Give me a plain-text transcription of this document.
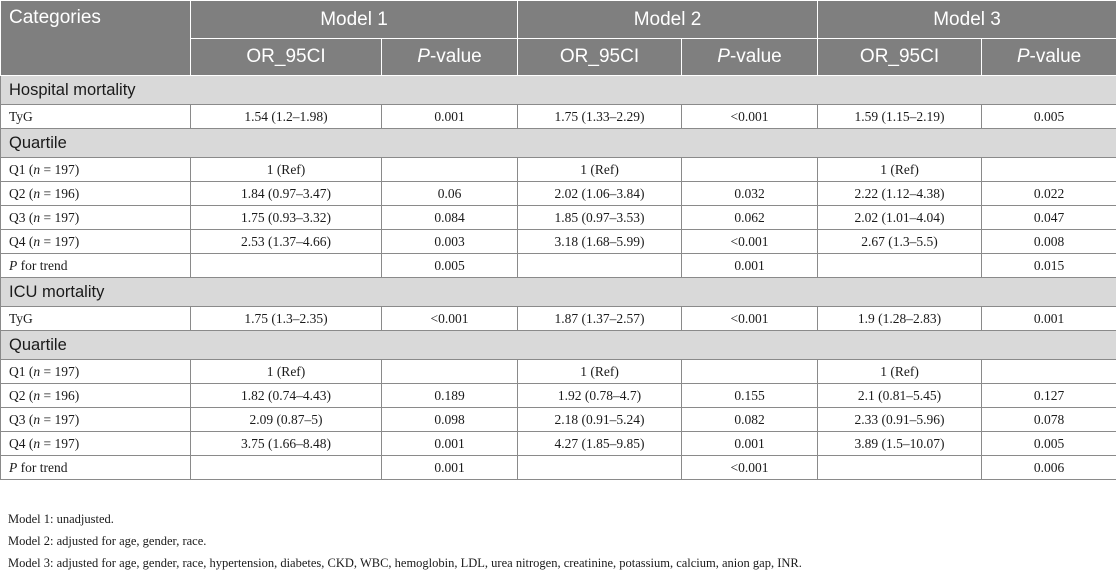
Categories	Model 1		Model 2		Model 3	
	OR_95CI	P-value	OR_95CI	P-value	OR_95CI	P-value
Hospital mortality						
TyG	1.54 (1.2–1.98)	0.001	1.75 (1.33–2.29)	<0.001	1.59 (1.15–2.19)	0.005
Quartile						
Q1 (n = 197)	1 (Ref)		1 (Ref)		1 (Ref)	
Q2 (n = 196)	1.84 (0.97–3.47)	0.06	2.02 (1.06–3.84)	0.032	2.22 (1.12–4.38)	0.022
Q3 (n = 197)	1.75 (0.93–3.32)	0.084	1.85 (0.97–3.53)	0.062	2.02 (1.01–4.04)	0.047
Q4 (n = 197)	2.53 (1.37–4.66)	0.003	3.18 (1.68–5.99)	<0.001	2.67 (1.3–5.5)	0.008
P for trend		0.005		0.001		0.015
ICU mortality						
TyG	1.75 (1.3–2.35)	<0.001	1.87 (1.37–2.57)	<0.001	1.9 (1.28–2.83)	0.001
Quartile						
Q1 (n = 197)	1 (Ref)		1 (Ref)		1 (Ref)	
Q2 (n = 196)	1.82 (0.74–4.43)	0.189	1.92 (0.78–4.7)	0.155	2.1 (0.81–5.45)	0.127
Q3 (n = 197)	2.09 (0.87–5)	0.098	2.18 (0.91–5.24)	0.082	2.33 (0.91–5.96)	0.078
Q4 (n = 197)	3.75 (1.66–8.48)	0.001	4.27 (1.85–9.85)	0.001	3.89 (1.5–10.07)	0.005
P for trend		0.001		<0.001		0.006
Model 1: unadjusted.
Model 2: adjusted for age, gender, race.
Model 3: adjusted for age, gender, race, hypertension, diabetes, CKD, WBC, hemoglobin, LDL, urea nitrogen, creatinine, potassium, calcium, anion gap, INR.
